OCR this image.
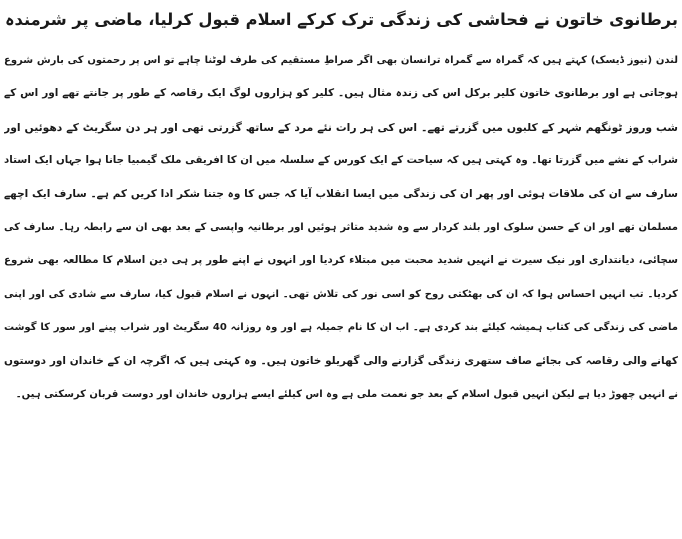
برطانوی خاتون نے فحاشی کی زندگی ترک کرکے اسلام قبول کرلیا، ماضی پر شرمندہ

لندن (نیوز ڈیسک) کہتے ہیں کہ گمراہ سے گمراہ ترانسان بھی اگر صراطِ مستقیم کی طرف لوٹنا چاہے تو اس پر رحمتوں کی بارش شروع

ہوجاتی ہے اور برطانوی خاتون کلیر برکل اس کی زندہ مثال ہیں۔ کلیر کو ہزاروں لوگ ایک رقاصہ کے طور پر جانتے تھے اور اس کے

شب وروز ٹونگھم شہر کے کلبوں میں گزرتے تھے۔ اس کی ہر رات نئے مرد کے ساتھ گزرتی تھی اور ہر دن سگریٹ کے دھوئیں اور

شراب کے نشے میں گزرتا تھا۔ وہ کہتی ہیں کہ سیاحت کے ایک کورس کے سلسلہ میں ان کا افریقی ملک گیمبیا جانا ہوا جہاں ایک استاد

سارف سے ان کی ملاقات ہوئی اور پھر ان کی زندگی میں ایسا انقلاب آیا کہ جس کا وہ جتنا شکر ادا کریں کم ہے۔ سارف ایک اچھے

مسلمان تھے اور ان کے حسن سلوک اور بلند کردار سے وہ شدید متاثر ہوئیں اور برطانیہ واپسی کے بعد بھی ان سے رابطہ رہا۔ سارف کی

سچائی، دیانتداری اور نیک سیرت نے انہیں شدید محبت میں مبتلاء کردیا اور انہوں نے اپنے طور پر ہی دین اسلام کا مطالعہ بھی شروع

کردیا۔ تب انہیں احساس ہوا کہ ان کی بھٹکتی روح کو اسی نور کی تلاش تھی۔ انہوں نے اسلام قبول کیا، سارف سے شادی کی اور اپنی

ماضی کی زندگی کی کتاب ہمیشہ کیلئے بند کردی ہے۔ اب ان کا نام جمیلہ ہے اور وہ روزانہ 40 سگریٹ اور شراب پینے اور سور کا گوشت

کھانے والی رقاصہ کی بجائے صاف ستھری زندگی گزارنے والی گھریلو خاتون ہیں۔ وہ کہتی ہیں کہ اگرچہ ان کے خاندان اور دوستوں

نے انہیں چھوڑ دیا ہے لیکن انہیں قبول اسلام کے بعد جو نعمت ملی ہے وہ اس کیلئے ایسے ہزاروں خاندان اور دوست قربان کرسکتی ہیں۔
